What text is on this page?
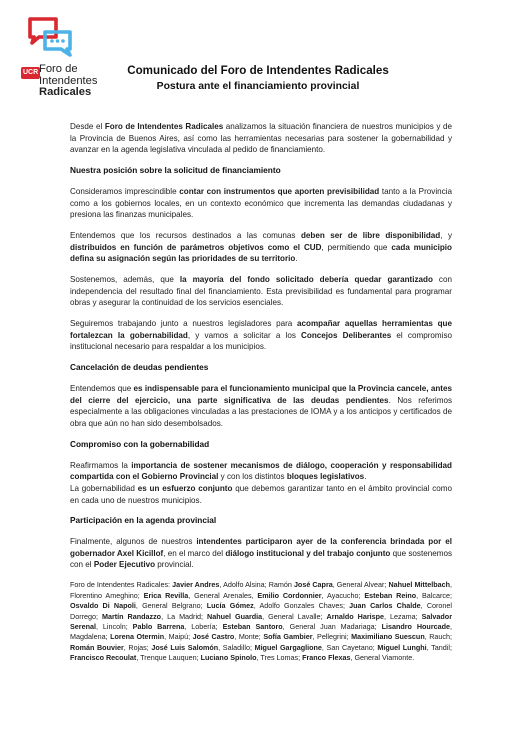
UCR Foro de
Intendentes
Radicales
Comunicado del Foro de Intendentes Radicales
Postura ante el financiamiento provincial

Desde el Foro de Intendentes Radicales analizamos la situación financiera de nuestros municipios y de la Provincia de Buenos Aires, así como las herramientas necesarias para sostener la gobernabilidad y avanzar en la agenda legislativa vinculada al pedido de financiamiento.

Nuestra posición sobre la solicitud de financiamiento

Consideramos imprescindible contar con instrumentos que aporten previsibilidad tanto a la Provincia como a los gobiernos locales, en un contexto económico que incrementa las demandas ciudadanas y presiona las finanzas municipales.

Entendemos que los recursos destinados a las comunas deben ser de libre disponibilidad, y distribuidos en función de parámetros objetivos como el CUD, permitiendo que cada municipio defina su asignación según las prioridades de su territorio.

Sostenemos, además, que la mayoría del fondo solicitado debería quedar garantizado con independencia del resultado final del financiamiento. Esta previsibilidad es fundamental para programar obras y asegurar la continuidad de los servicios esenciales.

Seguiremos trabajando junto a nuestros legisladores para acompañar aquellas herramientas que fortalezcan la gobernabilidad, y vamos a solicitar a los Concejos Deliberantes el compromiso institucional necesario para respaldar a los municipios.

Cancelación de deudas pendientes

Entendemos que es indispensable para el funcionamiento municipal que la Provincia cancele, antes del cierre del ejercicio, una parte significativa de las deudas pendientes. Nos referimos especialmente a las obligaciones vinculadas a las prestaciones de IOMA y a los anticipos y certificados de obra que aún no han sido desembolsados.

Compromiso con la gobernabilidad

Reafirmamos la importancia de sostener mecanismos de diálogo, cooperación y responsabilidad compartida con el Gobierno Provincial y con los distintos bloques legislativos.

La gobernabilidad es un esfuerzo conjunto que debemos garantizar tanto en el ámbito provincial como en cada uno de nuestros municipios.

Participación en la agenda provincial

Finalmente, algunos de nuestros intendentes participaron ayer de la conferencia brindada por el gobernador Axel Kicillof, en el marco del diálogo institucional y del trabajo conjunto que sostenemos con el Poder Ejecutivo provincial.

Foro de Intendentes Radicales: Javier Andres, Adolfo Alsina; Ramón José Capra, General Alvear; Nahuel Mittelbach, Florentino Ameghino; Erica Revilla, General Arenales, Emilio Cordonnier, Ayacucho; Esteban Reino, Balcarce; Osvaldo Di Napoli, General Belgrano; Lucía Gómez, Adolfo Gonzales Chaves; Juan Carlos Chalde, Coronel Dorrego; Martín Randazzo, La Madrid; Nahuel Guardia, General Lavalle; Arnaldo Harispe, Lezama; Salvador Serenal, Lincoln; Pablo Barrena, Lobería; Esteban Santoro, General Juan Madariaga; Lisandro Hourcade, Magdalena; Lorena Otermin, Maipú; José Castro, Monte; Sofía Gambier, Pellegrini; Maximiliano Suescun, Rauch; Román Bouvier, Rojas; José Luis Salomón, Saladillo; Miguel Gargaglione, San Cayetano; Miguel Lunghi, Tandil; Francisco Recoulat, Trenque Lauquen; Luciano Spinolo, Tres Lomas; Franco Flexas, General Viamonte.
